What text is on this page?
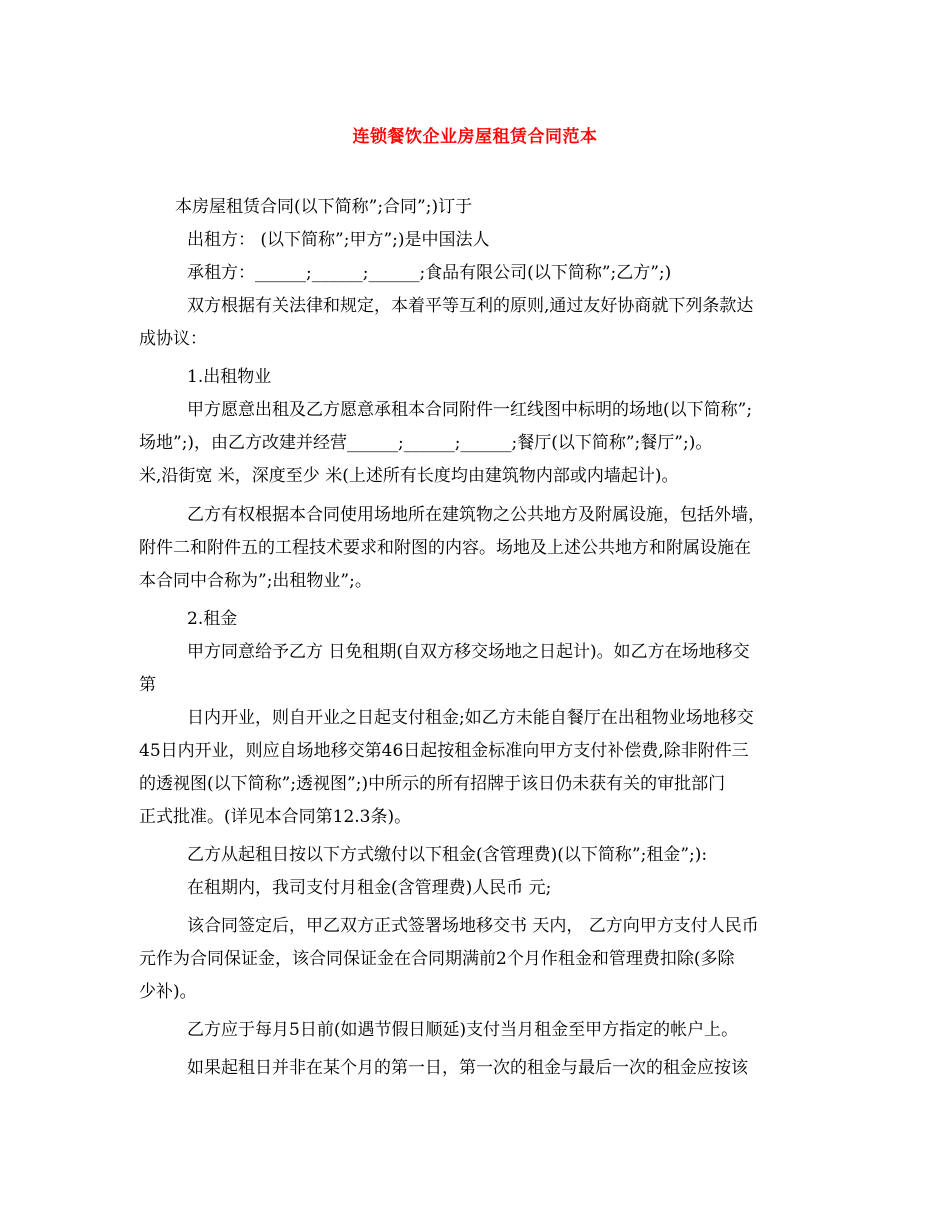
连锁餐饮企业房屋租赁合同范本
本房屋租赁合同(以下简称”;合同”;)订于
出租方： (以下简称”;甲方”;)是中国法人
承租方：______;______;______;食品有限公司(以下简称”;乙方”;)
双方根据有关法律和规定，本着平等互利的原则,通过友好协商就下列条款达
成协议：
1.出租物业
甲方愿意出租及乙方愿意承租本合同附件一红线图中标明的场地(以下简称”;
场地”;)，由乙方改建并经营______;______;______;餐厅(以下简称”;餐厅”;)。
米,沿街宽 米，深度至少 米(上述所有长度均由建筑物内部或内墙起计)。
乙方有权根据本合同使用场地所在建筑物之公共地方及附属设施，包括外墙，
附件二和附件五的工程技术要求和附图的内容。场地及上述公共地方和附属设施在
本合同中合称为”;出租物业”;。
2.租金
甲方同意给予乙方 日免租期(自双方移交场地之日起计)。如乙方在场地移交
第
日内开业，则自开业之日起支付租金;如乙方未能自餐厅在出租物业场地移交
45日内开业，则应自场地移交第46日起按租金标准向甲方支付补偿费,除非附件三
的透视图(以下简称”;透视图”;)中所示的所有招牌于该日仍未获有关的审批部门
正式批准。(详见本合同第12.3条)。
乙方从起租日按以下方式缴付以下租金(含管理费)(以下简称”;租金”;):
在租期内，我司支付月租金(含管理费)人民币 元;
该合同签定后，甲乙双方正式签署场地移交书 天内， 乙方向甲方支付人民币
元作为合同保证金，该合同保证金在合同期满前2个月作租金和管理费扣除(多除
少补)。
乙方应于每月5日前(如遇节假日顺延)支付当月租金至甲方指定的帐户上。
如果起租日并非在某个月的第一日，第一次的租金与最后一次的租金应按该
